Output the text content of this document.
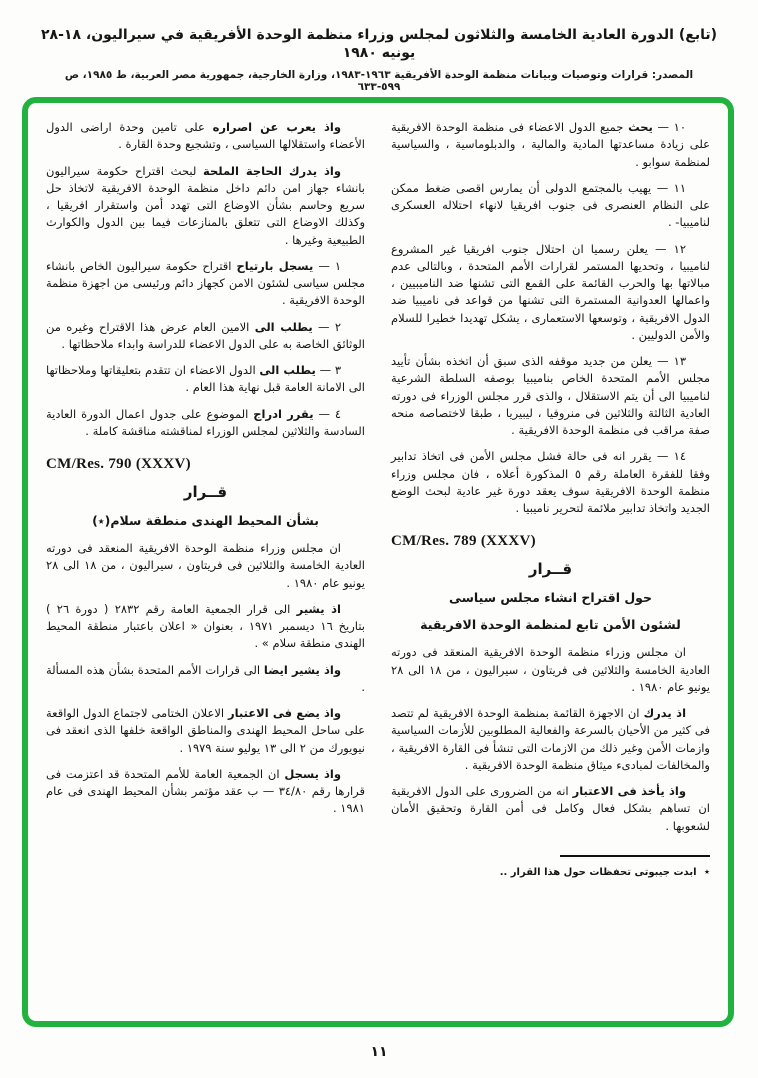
(تابع) الدورة العادية الخامسة والثلاثون لمجلس وزراء منظمة الوحدة الأفريقية في سيراليون، ١٨-٢٨ يونيه ١٩٨٠
المصدر: قرارات وتوصيات وبيانات منظمة الوحدة الأفريقية ١٩٦٣-١٩٨٣، وزارة الخارجية، جمهورية مصر العربية، ط ١٩٨٥، ص ٥٩٩-٦٣٣

١٠ — يحث جميع الدول الاعضاء فى منظمة الوحدة الافريقية على زيادة مساعدتها المادية والمالية ، والدبلوماسية ، والسياسية لمنظمة سوابو .

١١ — يهيب بالمجتمع الدولى أن يمارس اقصى ضغط ممكن على النظام العنصرى فى جنوب افريقيا لانهاء احتلاله العسكرى لناميبيا- .

١٢ — يعلن رسميا ان احتلال جنوب افريقيا غير المشروع لناميبيا ، وتحديها المستمر لقرارات الأمم المتحدة ، وبالتالى عدم مبالاتها بها والحرب القائمة على القمع التى تشنها ضد الناميبيين ، واعمالها العدوانية المستمرة التى تشنها من قواعد فى ناميبيا ضد الدول الافريقية ، وتوسعها الاستعمارى ، يشكل تهديدا خطيرا للسلام والأمن الدوليين .

١٣ — يعلن من جديد موقفه الذى سبق أن اتخذه بشأن تأييد مجلس الأمم المتحدة الخاص بناميبيا بوصفه السلطة الشرعية لناميبيا الى أن يتم الاستقلال ، والذى قرر مجلس الوزراء فى دورته العادية الثالثة والثلاثين فى منروفيا ، ليبيريا ، طبقا لاختصاصه منحه صفة مراقب فى منظمة الوحدة الافريقية .

١٤ — يقرر انه فى حالة فشل مجلس الأمن فى اتخاذ تدابير وفقا للفقرة العاملة رقم ٥ المذكورة أعلاه ، فان مجلس وزراء منظمة الوحدة الافريقية سوف يعقد دورة غير عادية لبحث الوضع الجديد واتخاذ تدابير ملائمة لتحرير ناميبيا .

CM/Res. 789 (XXXV)
قــرار
حول اقتراح انشاء مجلس سياسى
لشئون الأمن تابع لمنظمة الوحدة الافريقية

ان مجلس وزراء منظمة الوحدة الافريقية المنعقد فى دورته العادية الخامسة والثلاثين فى فريتاون ، سيراليون ، من ١٨ الى ٢٨ يونيو عام ١٩٨٠ .

اذ يدرك ان الاجهزة القائمة بمنظمة الوحدة الافريقية لم تتصد فى كثير من الأحيان بالسرعة والفعالية المطلوبين للأزمات السياسية وازمات الأمن وغير ذلك من الازمات التى تنشأ فى القارة الافريقية ، والمخالفات لمبادىء ميثاق منظمة الوحدة الافريقية .

واذ يأخذ فى الاعتبار انه من الضرورى على الدول الافريقية ان تساهم بشكل فعال وكامل فى أمن القارة وتحقيق الأمان لشعوبها .

٭ ابدت جيبوتى تحفظات حول هذا القرار ..

واذ يعرب عن اصراره على تامين وحدة اراضى الدول الأعضاء واستقلالها السياسى ، وتشجيع وحدة القارة .

واذ يدرك الحاجة الملحة لبحث اقتراح حكومة سيراليون بانشاء جهاز امن دائم داخل منظمة الوحدة الافريقية لاتخاذ حل سريع وحاسم بشأن الاوضاع التى تهدد أمن واستقرار افريقيا ، وكذلك الاوضاع التى تتعلق بالمنازعات فيما بين الدول والكوارث الطبيعية وغيرها .

١ — يسجل بارتياح اقتراح حكومة سيراليون الخاص بانشاء مجلس سياسى لشئون الامن كجهاز دائم ورئيسى من اجهزة منظمة الوحدة الافريقية .

٢ — يطلب الى الامين العام عرض هذا الاقتراح وغيره من الوثائق الخاصة به على الدول الاعضاء للدراسة وابداء ملاحظاتها .

٣ — يطلب الى الدول الاعضاء ان تتقدم بتعليقاتها وملاحظاتها الى الامانة العامة قبل نهاية هذا العام .

٤ — يقرر ادراج الموضوع على جدول اعمال الدورة العادية السادسة والثلاثين لمجلس الوزراء لمناقشته مناقشة كاملة .

CM/Res. 790 (XXXV)
قــرار
بشأن المحيط الهندى منطقة سلام(٭)

ان مجلس وزراء منظمة الوحدة الافريقية المنعقد فى دورته العادية الخامسة والثلاثين فى فريتاون ، سيراليون ، من ١٨ الى ٢٨ يونيو عام ١٩٨٠ .

اذ يشير الى قرار الجمعية العامة رقم ٢٨٣٢ ( دورة ٢٦ ) بتاريخ ١٦ ديسمبر ١٩٧١ ، بعنوان « اعلان باعتبار منطقة المحيط الهندى منطقة سلام » .

واذ يشير ايضا الى قرارات الأمم المتحدة بشأن هذه المسألة .

واذ يضع فى الاعتبار الاعلان الختامى لاجتماع الدول الواقعة على ساحل المحيط الهندى والمناطق الواقعة خلفها الذى انعقد فى نيويورك من ٢ الى ١٣ يوليو سنة ١٩٧٩ .

واذ يسجل ان الجمعية العامة للأمم المتحدة قد اعتزمت فى قرارها رقم ٣٤/٨٠ — ب عقد مؤتمر بشأن المحيط الهندى فى عام ١٩٨١ .

١١
